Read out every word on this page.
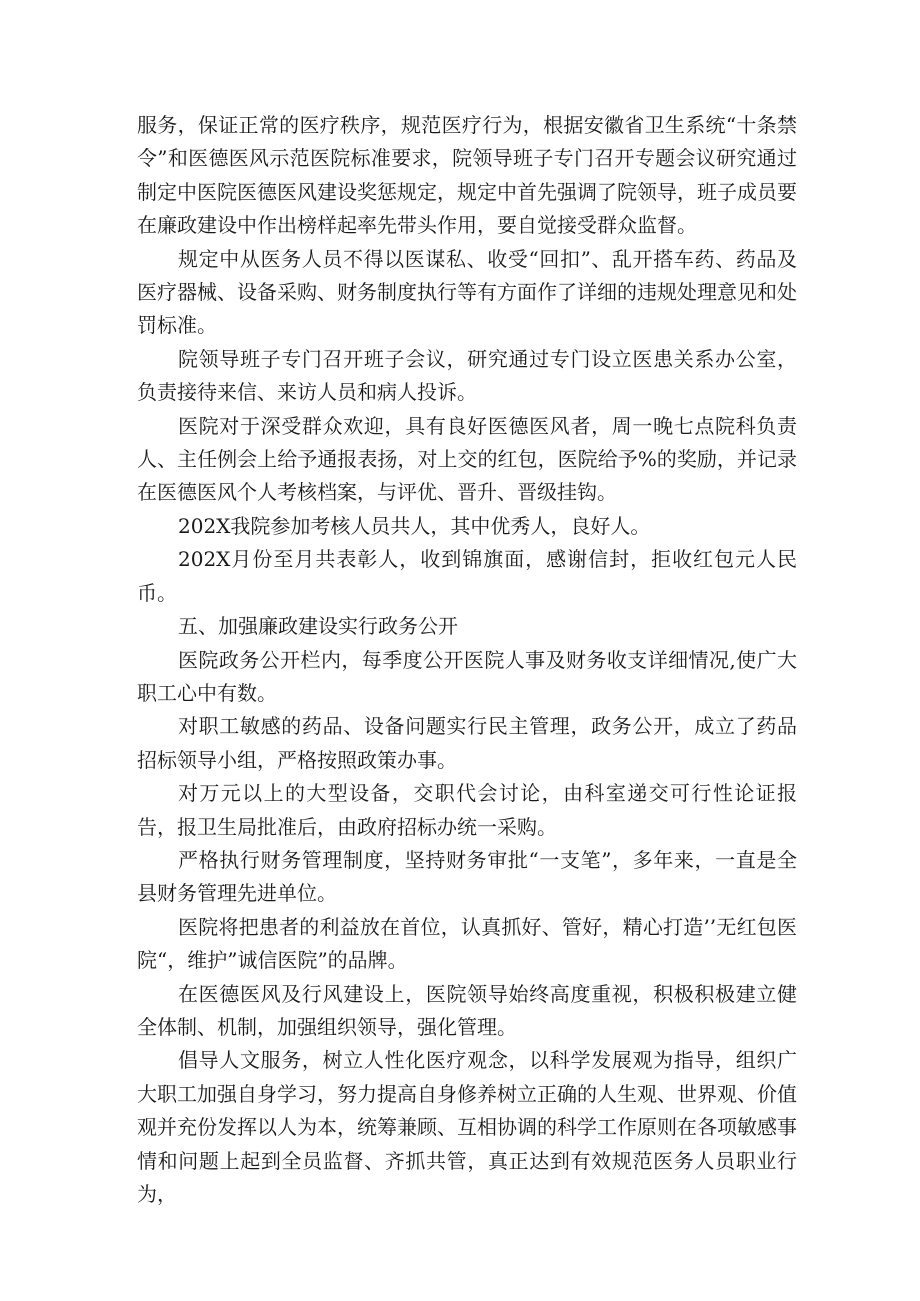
服务，保证正常的医疗秩序，规范医疗行为，根据安徽省卫生系统“十条禁令”和医德医风示范医院标准要求，院领导班子专门召开专题会议研究通过制定中医院医德医风建设奖惩规定，规定中首先强调了院领导，班子成员要在廉政建设中作出榜样起率先带头作用，要自觉接受群众监督。

规定中从医务人员不得以医谋私、收受“回扣”、乱开搭车药、药品及医疗器械、设备采购、财务制度执行等有方面作了详细的违规处理意见和处罚标准。

院领导班子专门召开班子会议，研究通过专门设立医患关系办公室，负责接待来信、来访人员和病人投诉。

医院对于深受群众欢迎，具有良好医德医风者，周一晚七点院科负责人、主任例会上给予通报表扬，对上交的红包，医院给予%的奖励，并记录在医德医风个人考核档案，与评优、晋升、晋级挂钩。

202X我院参加考核人员共人，其中优秀人，良好人。

202X月份至月共表彰人，收到锦旗面，感谢信封，拒收红包元人民币。

五、加强廉政建设实行政务公开

医院政务公开栏内，每季度公开医院人事及财务收支详细情况,使广大职工心中有数。

对职工敏感的药品、设备问题实行民主管理，政务公开，成立了药品招标领导小组，严格按照政策办事。

对万元以上的大型设备，交职代会讨论，由科室递交可行性论证报告，报卫生局批准后，由政府招标办统一采购。

严格执行财务管理制度，坚持财务审批“一支笔”，多年来，一直是全县财务管理先进单位。

医院将把患者的利益放在首位，认真抓好、管好，精心打造’’无红包医院“，维护”诚信医院”的品牌。

在医德医风及行风建设上，医院领导始终高度重视，积极积极建立健全体制、机制，加强组织领导，强化管理。

倡导人文服务，树立人性化医疗观念，以科学发展观为指导，组织广大职工加强自身学习，努力提高自身修养树立正确的人生观、世界观、价值观并充份发挥以人为本，统筹兼顾、互相协调的科学工作原则在各项敏感事情和问题上起到全员监督、齐抓共管，真正达到有效规范医务人员职业行为，
